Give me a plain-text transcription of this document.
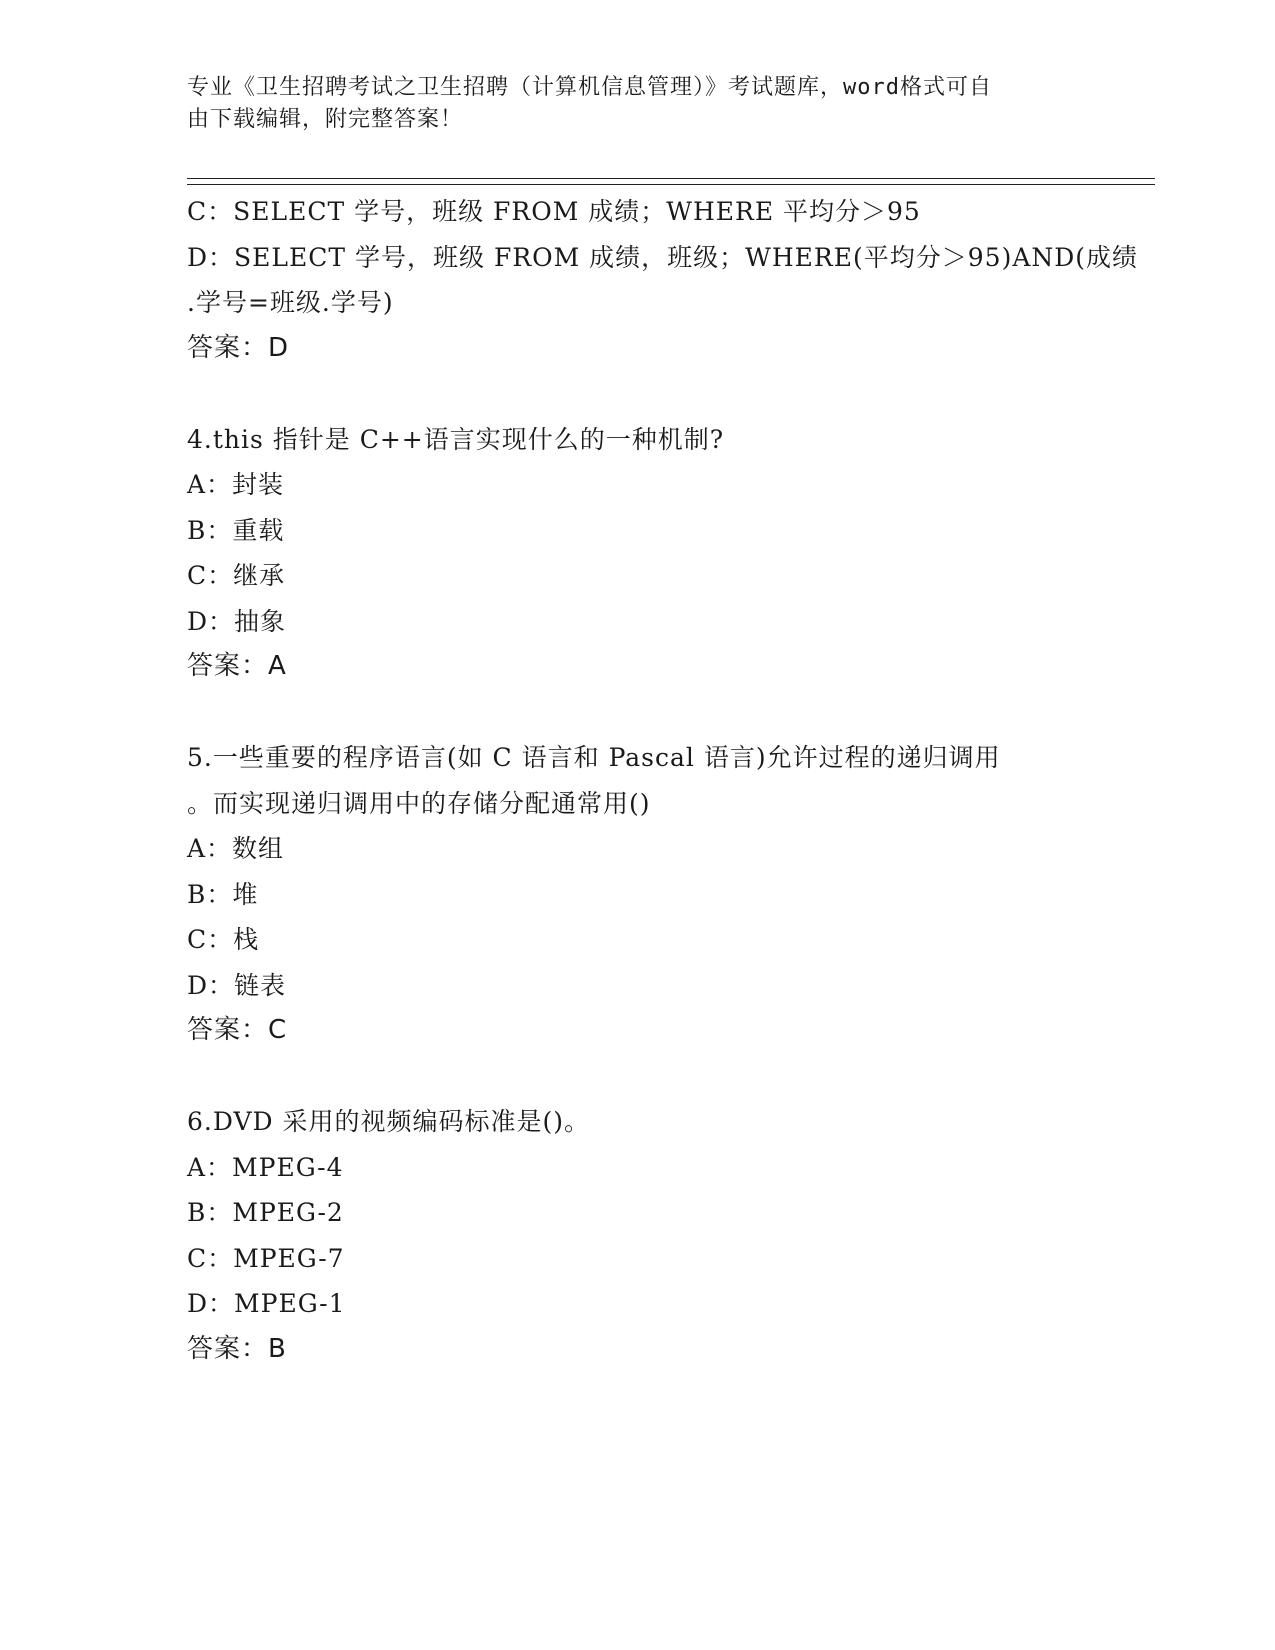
专业《卫生招聘考试之卫生招聘（计算机信息管理）》考试题库，word格式可自
由下载编辑，附完整答案！
C：SELECT 学号，班级 FROM 成绩；WHERE 平均分＞95
D：SELECT 学号，班级 FROM 成绩，班级；WHERE(平均分＞95)AND(成绩
.学号=班级.学号)
答案：D
4.this 指针是 C++语言实现什么的一种机制?
A：封装
B：重载
C：继承
D：抽象
答案：A
5.一些重要的程序语言(如 C 语言和 Pascal 语言)允许过程的递归调用
。而实现递归调用中的存储分配通常用()
A：数组
B：堆
C：栈
D：链表
答案：C
6.DVD 采用的视频编码标准是()。
A：MPEG-4
B：MPEG-2
C：MPEG-7
D：MPEG-1
答案：B
